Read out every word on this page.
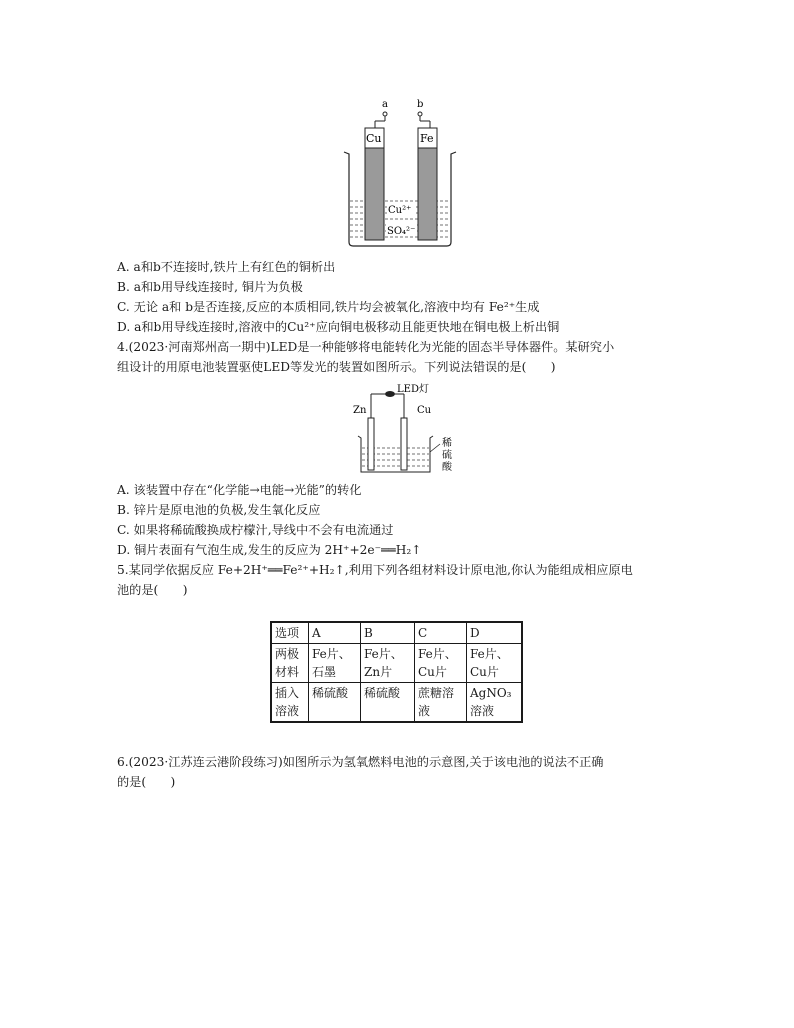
a	b
Cu	Fe
Cu²⁺
SO₄²⁻
A. a和b不连接时,铁片上有红色的铜析出
B. a和b用导线连接时, 铜片为负极
C. 无论 a和 b是否连接,反应的本质相同,铁片均会被氧化,溶液中均有 Fe²⁺生成
D. a和b用导线连接时,溶液中的Cu²⁺应向铜电极移动且能更快地在铜电极上析出铜
4.(2023·河南郑州高一期中)LED是一种能够将电能转化为光能的固态半导体器件。某研究小
组设计的用原电池装置驱使LED等发光的装置如图所示。下列说法错误的是(　　)
LED灯
Zn	Cu
稀
硫
酸
A. 该装置中存在“化学能→电能→光能”的转化
B. 锌片是原电池的负极,发生氧化反应
C. 如果将稀硫酸换成柠檬汁,导线中不会有电流通过
D. 铜片表面有气泡生成,发生的反应为 2H⁺+2e⁻══H₂↑
5.某同学依据反应 Fe+2H⁺══Fe²⁺+H₂↑,利用下列各组材料设计原电池,你认为能组成相应原电
池的是(　　)
选项	A	B	C	D
两极材料	Fe片、石墨	Fe片、Zn片	Fe片、Cu片	Fe片、Cu片
插入溶液	稀硫酸	稀硫酸	蔗糖溶液	AgNO₃溶液
6.(2023·江苏连云港阶段练习)如图所示为氢氧燃料电池的示意图,关于该电池的说法不正确
的是(　　)
